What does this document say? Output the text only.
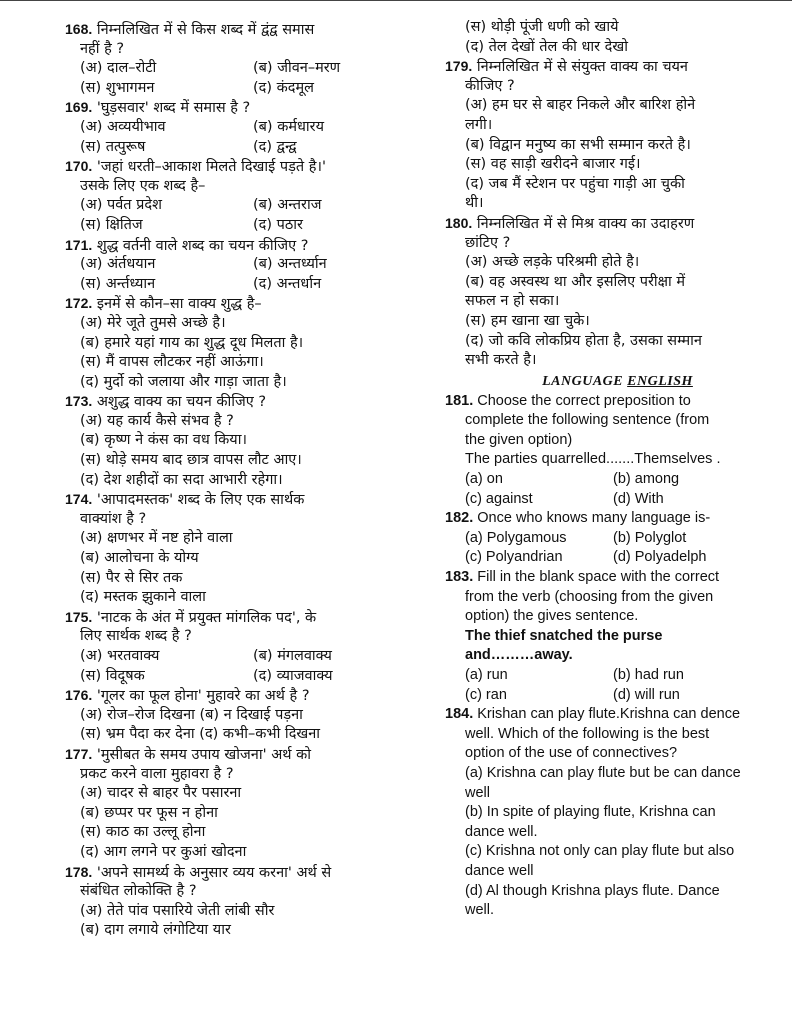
168. निम्नलिखित में से किस शब्द में द्वंद्व समास
नहीं है ?
(अ) दाल–रोटी	(ब) जीवन–मरण
(स) शुभागमन	(द) कंदमूल
169. 'घुड़सवार' शब्द में समास है ?
(अ) अव्ययीभाव	(ब) कर्मधारय
(स) तत्पुरूष	(द) द्वन्द्व
170. 'जहां धरती–आकाश मिलते दिखाई पड़ते है।'
उसके लिए एक शब्द है–
(अ) पर्वत प्रदेश	(ब) अन्तराज
(स) क्षितिज	(द) पठार
171. शुद्ध वर्तनी वाले शब्द का चयन कीजिए ?
(अ) अंर्तधयान	(ब) अन्तर्ध्यान
(स) अर्न्तध्यान	(द) अन्तर्धान
172. इनमें से कौन–सा वाक्य शुद्ध है–
(अ) मेरे जूते तुमसे अच्छे है।
(ब) हमारे यहां गाय का शुद्ध दूध मिलता है।
(स) मैं वापस लौटकर नहीं आऊंगा।
(द) मुर्दो को जलाया और गाड़ा जाता है।
173. अशुद्ध वाक्य का चयन कीजिए ?
(अ) यह कार्य कैसे संभव है ?
(ब) कृष्ण ने कंस का वध किया।
(स) थोड़े समय बाद छात्र वापस लौट आए।
(द) देश शहीदों का सदा आभारी रहेगा।
174. 'आपादमस्तक' शब्द के लिए एक सार्थक
वाक्यांश है ?
(अ) क्षणभर में नष्ट होने वाला
(ब) आलोचना के योग्य
(स) पैर से सिर तक
(द) मस्तक झुकाने वाला
175. 'नाटक के अंत में प्रयुक्त मांगलिक पद', के
लिए सार्थक शब्द है ?
(अ) भरतवाक्य	(ब) मंगलवाक्य
(स) विदूषक	(द) व्याजवाक्य
176. 'गूलर का फूल होना' मुहावरे का अर्थ है ?
(अ) रोज–रोज दिखना (ब) न दिखाई पड़ना
(स) भ्रम पैदा कर देना (द) कभी–कभी दिखना
177. 'मुसीबत के समय उपाय खोजना' अर्थ को
प्रकट करने वाला मुहावरा है ?
(अ) चादर से बाहर पैर पसारना
(ब) छप्पर पर फूस न होना
(स) काठ का उल्लू होना
(द) आग लगने पर कुआं खोदना
178. 'अपने सामर्थ्य के अनुसार व्यय करना' अर्थ से
संबंधित लोकोक्ति है ?
(अ) तेते पांव पसारिये जेती लांबी सौर
(ब) दाग लगाये लंगोटिया यार
(स) थोड़ी पूंजी धणी को खाये
(द) तेल देखों तेल की धार देखो
179. निम्नलिखित में से संयुक्त वाक्य का चयन
कीजिए ?
(अ) हम घर से बाहर निकले और बारिश होने
लगी।
(ब) विद्वान मनुष्य का सभी सम्मान करते है।
(स) वह साड़ी खरीदने बाजार गई।
(द) जब मैं स्टेशन पर पहुंचा गाड़ी आ चुकी
थी।
180. निम्नलिखित में से मिश्र वाक्य का उदाहरण
छांटिए ?
(अ) अच्छे लड़के परिश्रमी होते है।
(ब) वह अस्वस्थ था और इसलिए परीक्षा में
सफल न हो सका।
(स) हम खाना खा चुके।
(द) जो कवि लोकप्रिय होता है, उसका सम्मान
सभी करते है।
LANGUAGE ENGLISH
181. Choose the correct preposition to
complete the following sentence (from
the given option)
The parties quarrelled.......Themselves .
(a) on	(b) among
(c) against	(d) With
182. Once who knows many language is-
(a) Polygamous	(b) Polyglot
(c) Polyandrian	(d) Polyadelph
183. Fill in the blank space with the correct
from the verb (choosing from the given
option) the gives sentence.
The thief snatched the purse
and………away.
(a) run	(b) had run
(c) ran	(d) will run
184. Krishan can play flute.Krishna can dence
well. Which of the following is the best
option of the use of connectives?
(a) Krishna can play flute but be can dance
well
(b) In spite of playing flute, Krishna can
dance well.
(c) Krishna not only can play flute but also
dance well
(d) Al though Krishna plays flute. Dance
well.
